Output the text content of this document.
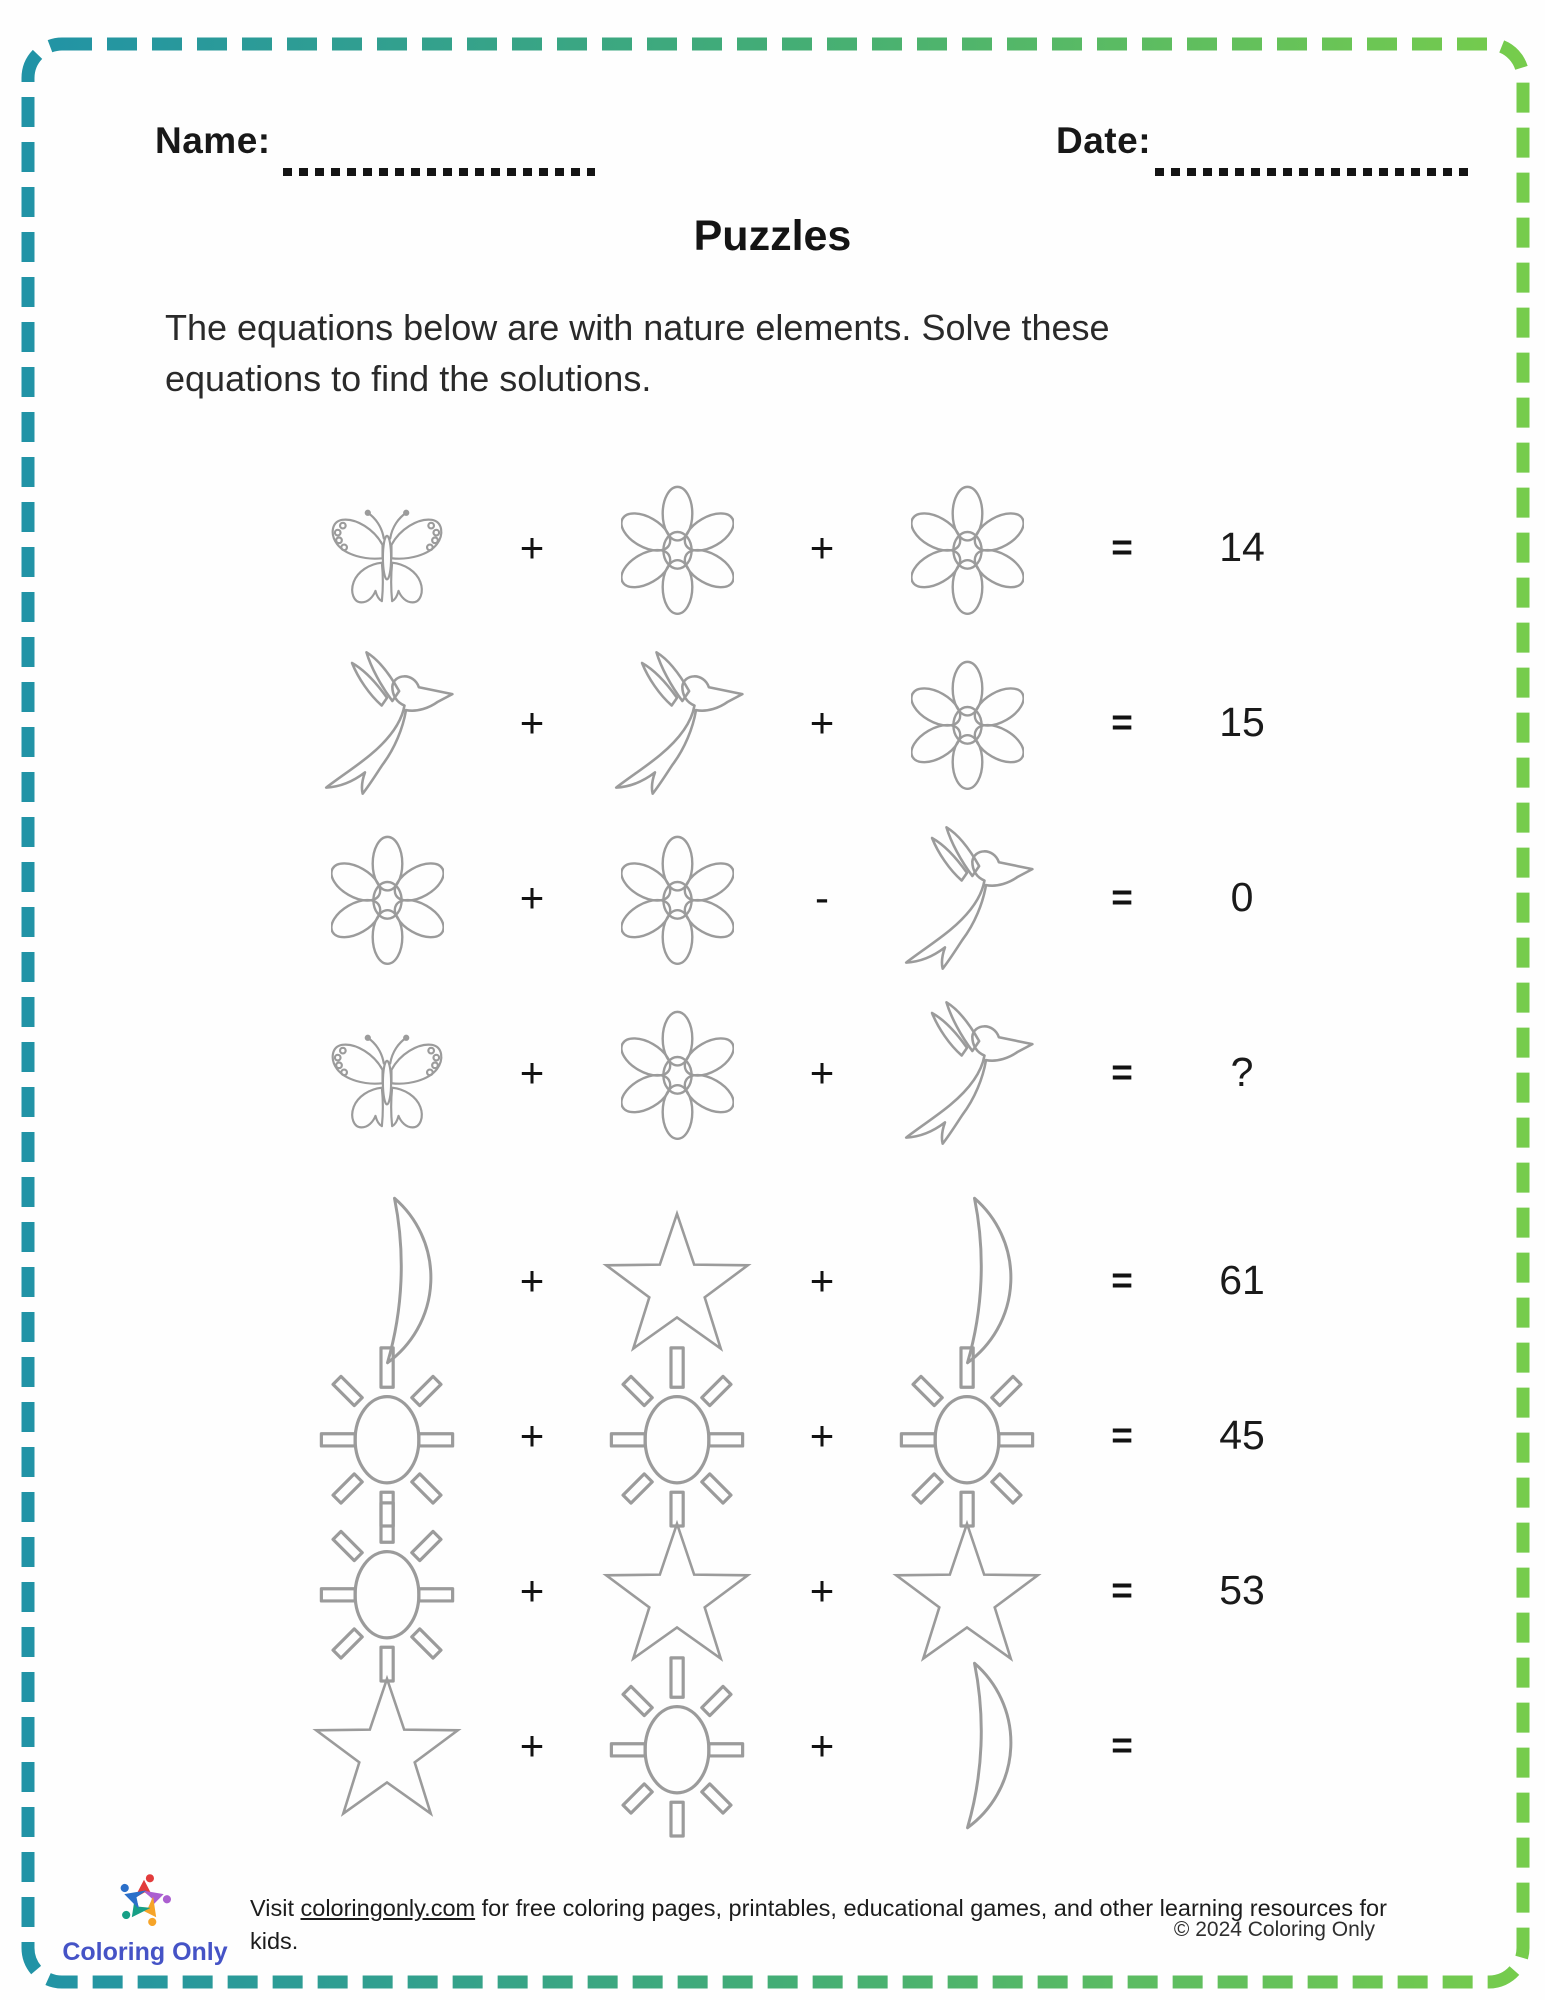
Name:	Date:
Puzzles
The equations below are with nature elements. Solve these
equations to find the solutions.
+	+	=	14
+	+	=	15
+	-	=	0
+	+	=	?
+	+	=	61
+	+	=	45
+	+	=	53
+	+	=
Coloring Only
Visit coloringonly.com for free coloring pages, printables, educational games, and other learning resources for
kids.	© 2024 Coloring Only
